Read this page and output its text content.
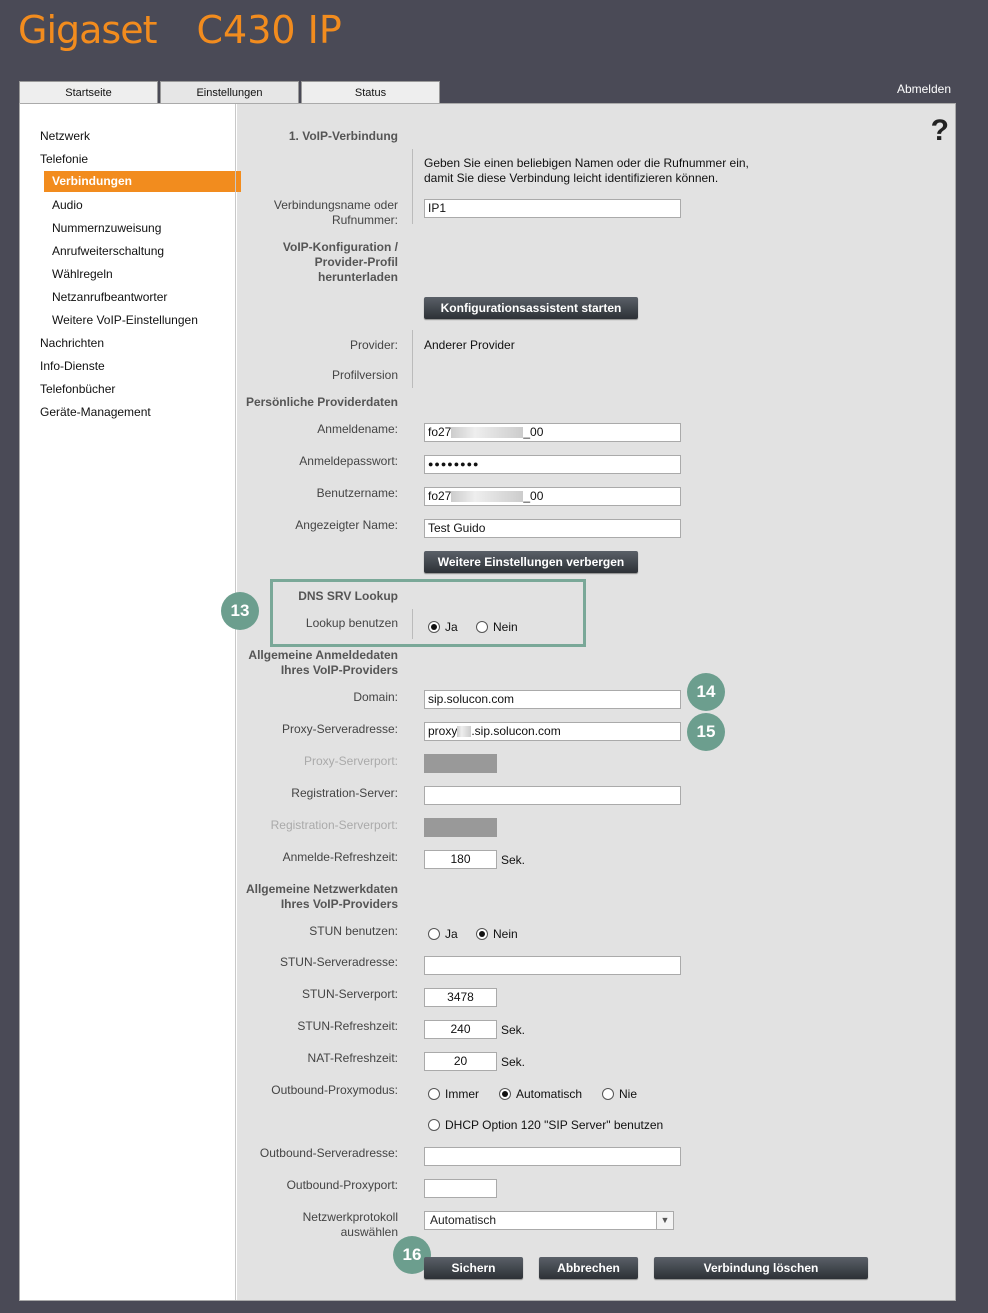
Gigaset C430 IP
Startseite	Einstellungen	Status	Abmelden
Netzwerk
Telefonie
Verbindungen
Audio
Nummernzuweisung
Anrufweiterschaltung
Wählregeln
Netzanrufbeantworter
Weitere VoIP-Einstellungen
Nachrichten
Info-Dienste
Telefonbücher
Geräte-Management
?
1. VoIP-Verbindung
Geben Sie einen beliebigen Namen oder die Rufnummer ein,
damit Sie diese Verbindung leicht identifizieren können.
Verbindungsname oder
Rufnummer:
IP1
VoIP-Konfiguration /
Provider-Profil
herunterladen
Konfigurationsassistent starten
Provider: Anderer Provider
Profilversion
Persönliche Providerdaten
Anmeldename:	fo27	_00
Anmeldepasswort:	●●●●●●●●
Benutzername:	fo27	_00
Angezeigter Name:	Test Guido
Weitere Einstellungen verbergen
13
DNS SRV Lookup
Lookup benutzen	Ja	Nein
Allgemeine Anmeldedaten
Ihres VoIP-Providers
Domain:	sip.solucon.com	14
Proxy-Serveradresse:	proxy .sip.solucon.com	15
Proxy-Serverport:
Registration-Server:
Registration-Serverport:
Anmelde-Refreshzeit:	180	Sek.
Allgemeine Netzwerkdaten
Ihres VoIP-Providers
STUN benutzen:	Ja	Nein
STUN-Serveradresse:
STUN-Serverport:	3478
STUN-Refreshzeit:	240	Sek.
NAT-Refreshzeit:	20	Sek.
Outbound-Proxymodus:	Immer	Automatisch	Nie
DHCP Option 120 "SIP Server" benutzen
Outbound-Serveradresse:
Outbound-Proxyport:
Netzwerkprotokoll
auswählen
Automatisch	▼
16
Sichern	Abbrechen	Verbindung löschen
